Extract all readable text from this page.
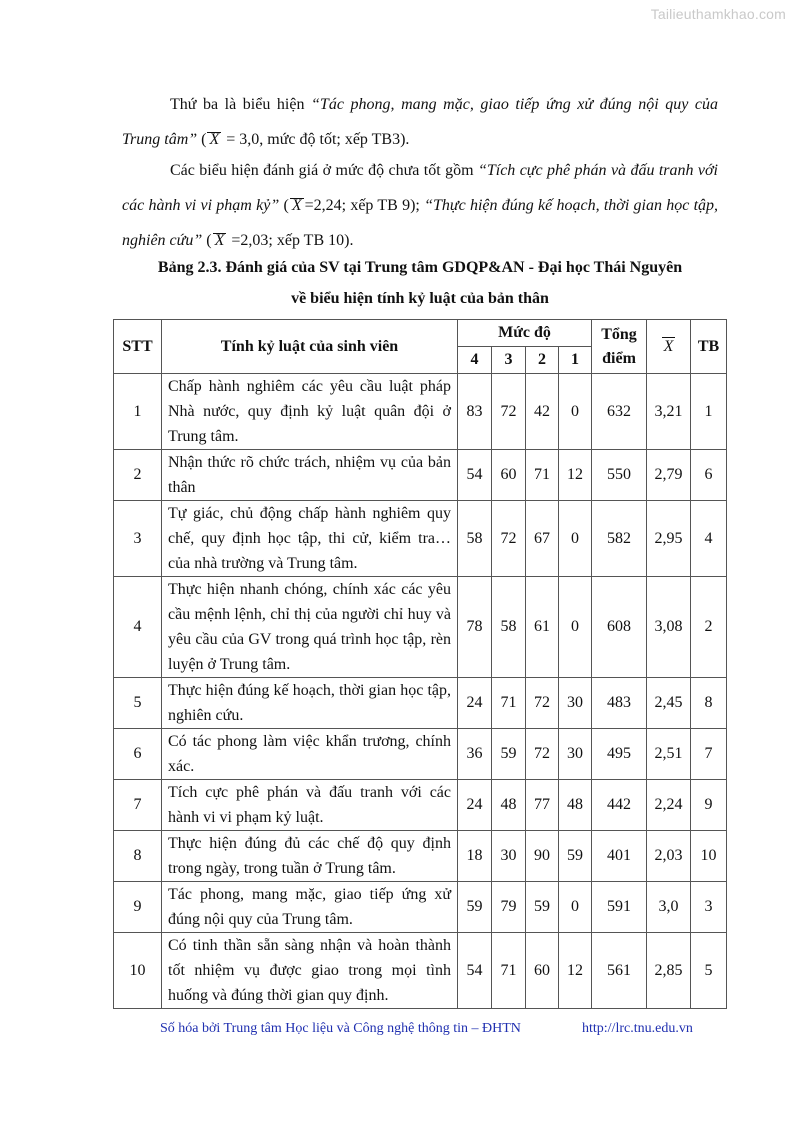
Tailieuthamkhao.com
Thứ ba là biểu hiện “Tác phong, mang mặc, giao tiếp ứng xử đúng nội quy của Trung tâm” ( X = 3,0, mức độ tốt; xếp TB3).
Các biểu hiện đánh giá ở mức độ chưa tốt gồm “Tích cực phê phán và đấu tranh với các hành vi vi phạm kỷ” ( X =2,24; xếp TB 9); “Thực hiện đúng kế hoạch, thời gian học tập, nghiên cứu” ( X =2,03; xếp TB 10).
Bảng 2.3. Đánh giá của SV tại Trung tâm GDQP&AN - Đại học Thái Nguyên
về biểu hiện tính kỷ luật của bản thân
STT	Tính kỷ luật của sinh viên	Mức độ				Tổng điểm	X	TB
		4	3	2	1			
1	Chấp hành nghiêm các yêu cầu luật pháp Nhà nước, quy định kỷ luật quân đội ở Trung tâm.	83	72	42	0	632	3,21	1
2	Nhận thức rõ chức trách, nhiệm vụ của bản thân	54	60	71	12	550	2,79	6
3	Tự giác, chủ động chấp hành nghiêm quy chế, quy định học tập, thi cử, kiểm tra… của nhà trường và Trung tâm.	58	72	67	0	582	2,95	4
4	Thực hiện nhanh chóng, chính xác các yêu cầu mệnh lệnh, chỉ thị của người chỉ huy và yêu cầu của GV trong quá trình học tập, rèn luyện ở Trung tâm.	78	58	61	0	608	3,08	2
5	Thực hiện đúng kế hoạch, thời gian học tập, nghiên cứu.	24	71	72	30	483	2,45	8
6	Có tác phong làm việc khẩn trương, chính xác.	36	59	72	30	495	2,51	7
7	Tích cực phê phán và đấu tranh với các hành vi vi phạm kỷ luật.	24	48	77	48	442	2,24	9
8	Thực hiện đúng đủ các chế độ quy định trong ngày, trong tuần ở Trung tâm.	18	30	90	59	401	2,03	10
9	Tác phong, mang mặc, giao tiếp ứng xử đúng nội quy của Trung tâm.	59	79	59	0	591	3,0	3
10	Có tinh thần sẵn sàng nhận và hoàn thành tốt nhiệm vụ được giao trong mọi tình huống và đúng thời gian quy định.	54	71	60	12	561	2,85	5
Số hóa bởi Trung tâm Học liệu và Công nghệ thông tin – ĐHTN	http://lrc.tnu.edu.vn
